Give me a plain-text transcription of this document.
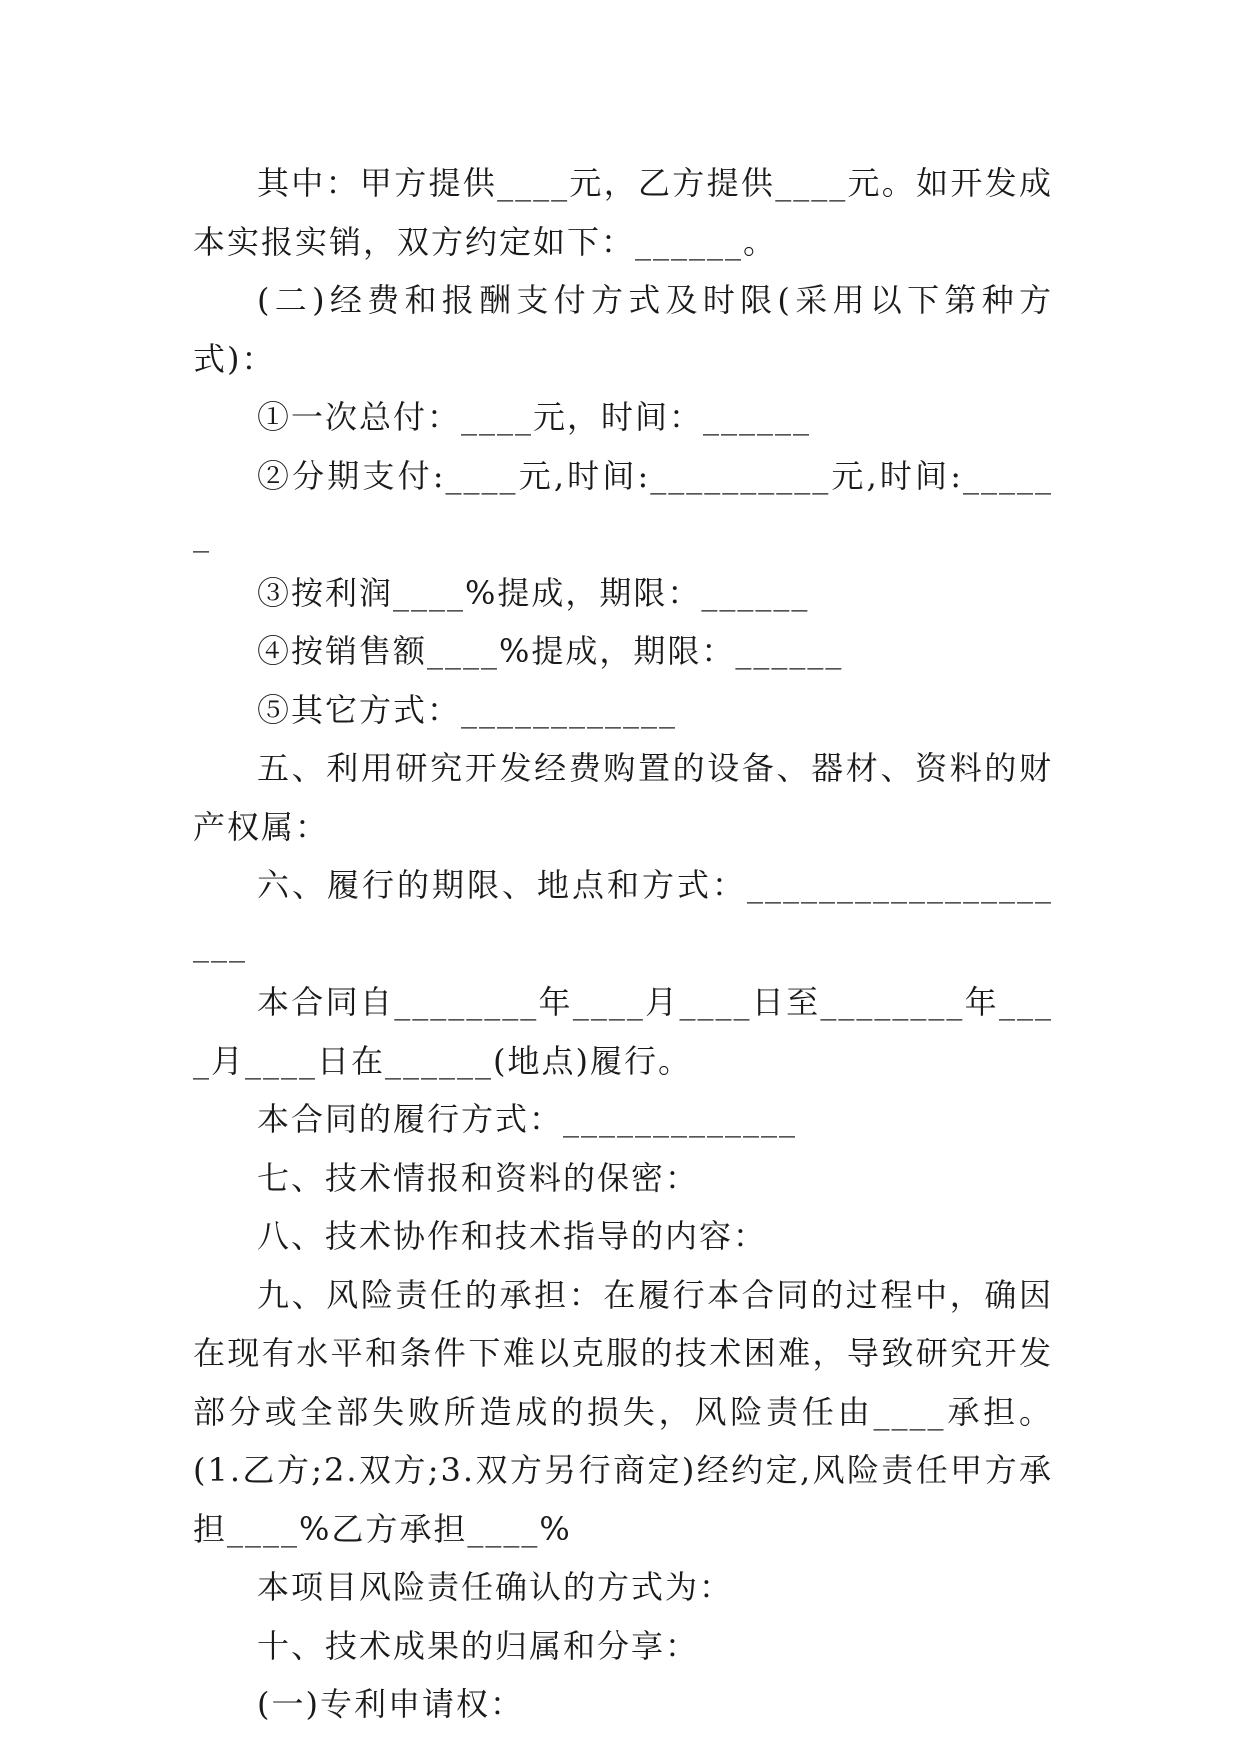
其中：甲方提供____元，乙方提供____元。如开发成本实报实销，双方约定如下：______。

(二)经费和报酬支付方式及时限(采用以下第种方式)：

①一次总付：____元，时间：______

②分期支付:____元,时间:__________元,时间:______

③按利润____%提成，期限：______

④按销售额____%提成，期限：______

⑤其它方式：____________

五、利用研究开发经费购置的设备、器材、资料的财产权属：

六、履行的期限、地点和方式：____________________

本合同自________年____月____日至________年____月____日在______(地点)履行。

本合同的履行方式：_____________

七、技术情报和资料的保密：

八、技术协作和技术指导的内容：

九、风险责任的承担：在履行本合同的过程中，确因在现有水平和条件下难以克服的技术困难，导致研究开发部分或全部失败所造成的损失，风险责任由____承担。(1.乙方;2.双方;3.双方另行商定)经约定,风险责任甲方承担____%乙方承担____%

本项目风险责任确认的方式为：

十、技术成果的归属和分享：

(一)专利申请权：
